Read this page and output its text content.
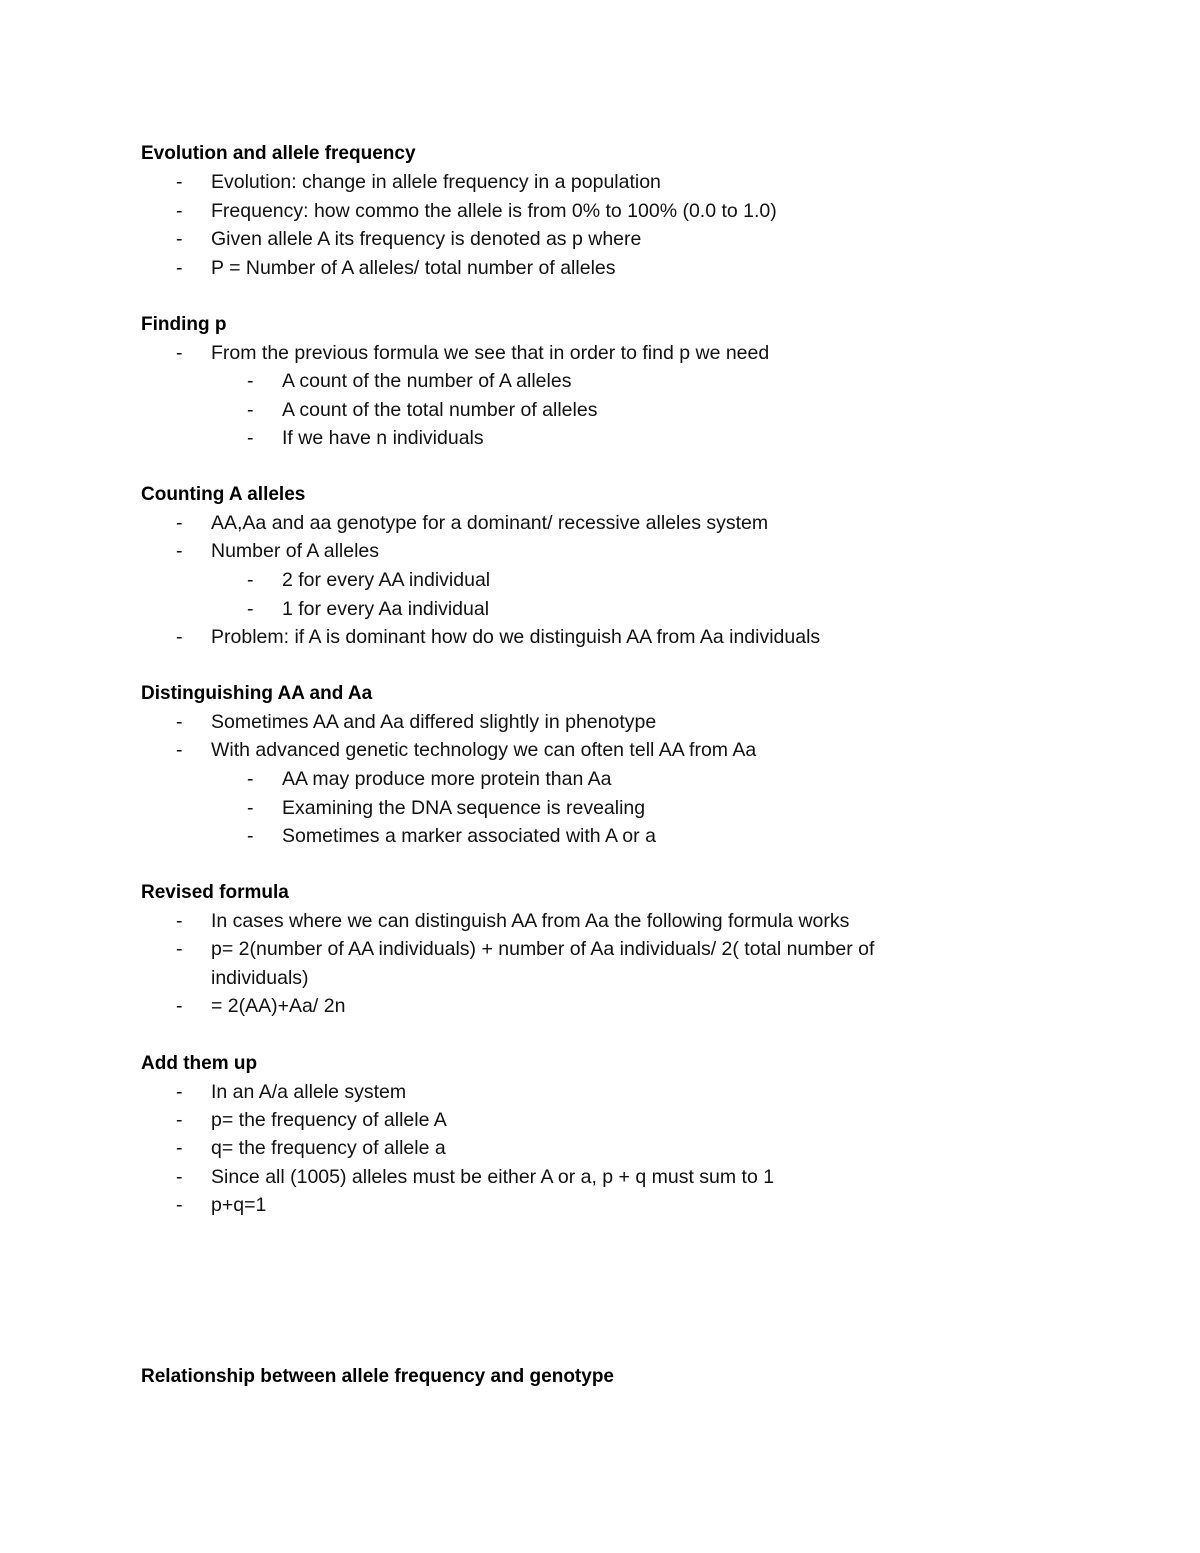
Evolution and allele frequency
- Evolution: change in allele frequency in a population
- Frequency: how commo the allele is from 0% to 100% (0.0 to 1.0)
- Given allele A its frequency is denoted as p where
- P = Number of A alleles/ total number of alleles
Finding p
- From the previous formula we see that in order to find p we need
- A count of the number of A alleles
- A count of the total number of alleles
- If we have n individuals
Counting A alleles
- AA,Aa and aa genotype for a dominant/ recessive alleles system
- Number of A alleles
- 2 for every AA individual
- 1 for every Aa individual
- Problem: if A is dominant how do we distinguish AA from Aa individuals
Distinguishing AA and Aa
- Sometimes AA and Aa differed slightly in phenotype
- With advanced genetic technology we can often tell AA from Aa
- AA may produce more protein than Aa
- Examining the DNA sequence is revealing
- Sometimes a marker associated with A or a
Revised formula
- In cases where we can distinguish AA from Aa the following formula works
- p= 2(number of AA individuals) + number of Aa individuals/ 2( total number of
individuals)
- = 2(AA)+Aa/ 2n
Add them up
- In an A/a allele system
- p= the frequency of allele A
- q= the frequency of allele a
- Since all (1005) alleles must be either A or a, p + q must sum to 1
- p+q=1
Relationship between allele frequency and genotype
